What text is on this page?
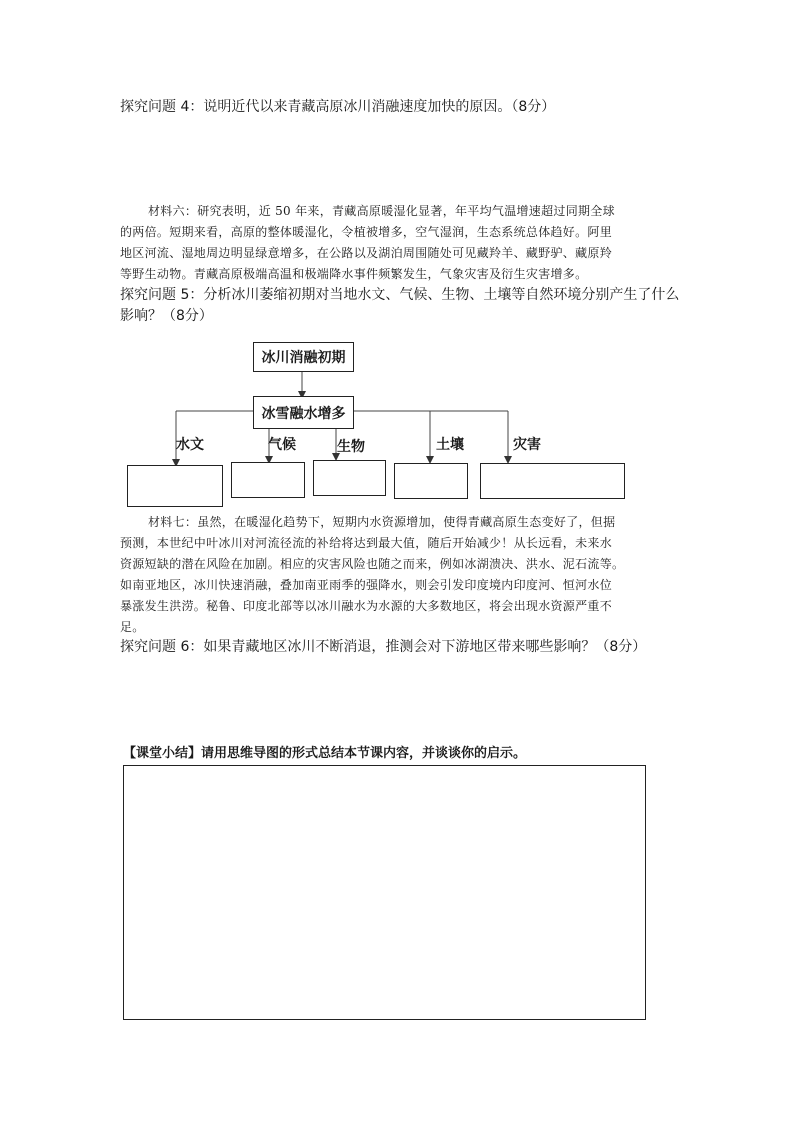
探究问题 4：说明近代以来青藏高原冰川消融速度加快的原因。（8分）
材料六：研究表明，近 50 年来，青藏高原暖湿化显著，年平均气温增速超过同期全球
的两倍。短期来看，高原的整体暖湿化，令植被增多，空气湿润，生态系统总体趋好。阿里
地区河流、湿地周边明显绿意增多，在公路以及湖泊周围随处可见藏羚羊、藏野驴、藏原羚
等野生动物。青藏高原极端高温和极端降水事件频繁发生，气象灾害及衍生灾害增多。
探究问题 5：分析冰川萎缩初期对当地水文、气候、生物、土壤等自然环境分别产生了什么
影响？（8分）
冰川消融初期
冰雪融水增多
水文	气候	生物	土壤	灾害
材料七：虽然，在暖湿化趋势下，短期内水资源增加，使得青藏高原生态变好了，但据
预测，本世纪中叶冰川对河流径流的补给将达到最大值，随后开始减少！从长远看，未来水
资源短缺的潜在风险在加剧。相应的灾害风险也随之而来，例如冰湖溃决、洪水、泥石流等。
如南亚地区，冰川快速消融，叠加南亚雨季的强降水，则会引发印度境内印度河、恒河水位
暴涨发生洪涝。秘鲁、印度北部等以冰川融水为水源的大多数地区，将会出现水资源严重不
足。
探究问题 6：如果青藏地区冰川不断消退，推测会对下游地区带来哪些影响？（8分）
【课堂小结】请用思维导图的形式总结本节课内容，并谈谈你的启示。
